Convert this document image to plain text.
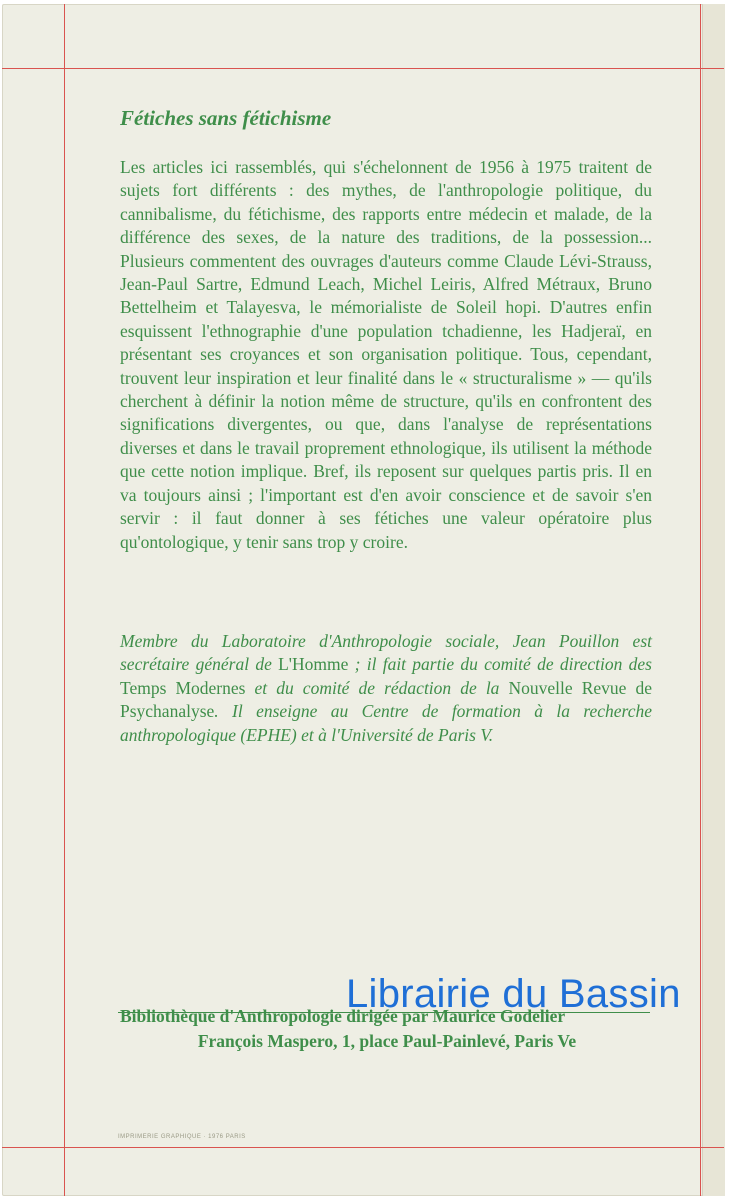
Fétiches sans fétichisme

Les articles ici rassemblés, qui s'échelonnent de 1956 à 1975 traitent de sujets fort différents : des mythes, de l'anthropologie politique, du cannibalisme, du fétichisme, des rapports entre médecin et malade, de la différence des sexes, de la nature des traditions, de la possession... Plusieurs commentent des ouvrages d'auteurs comme Claude Lévi-Strauss, Jean-Paul Sartre, Edmund Leach, Michel Leiris, Alfred Métraux, Bruno Bettelheim et Talayesva, le mémorialiste de Soleil hopi. D'autres enfin esquissent l'ethnographie d'une population tchadienne, les Hadjeraï, en présentant ses croyances et son organisation politique. Tous, cependant, trouvent leur inspiration et leur finalité dans le « structuralisme » — qu'ils cherchent à définir la notion même de structure, qu'ils en confrontent des significations divergentes, ou que, dans l'analyse de représentations diverses et dans le travail proprement ethnologique, ils utilisent la méthode que cette notion implique. Bref, ils reposent sur quelques partis pris. Il en va toujours ainsi ; l'important est d'en avoir conscience et de savoir s'en servir : il faut donner à ses fétiches une valeur opératoire plus qu'ontologique, y tenir sans trop y croire.

Membre du Laboratoire d'Anthropologie sociale, Jean Pouillon est secrétaire général de L'Homme ; il fait partie du comité de direction des Temps Modernes et du comité de rédaction de la Nouvelle Revue de Psychanalyse. Il enseigne au Centre de formation à la recherche anthropologique (EPHE) et à l'Université de Paris V.

Bibliothèque d'Anthropologie dirigée par Maurice Godelier

François Maspero, 1, place Paul-Painlevé, Paris Ve

IMPRIMERIE GRAPHIQUE · 1976 PARIS

Librairie du Bassin
